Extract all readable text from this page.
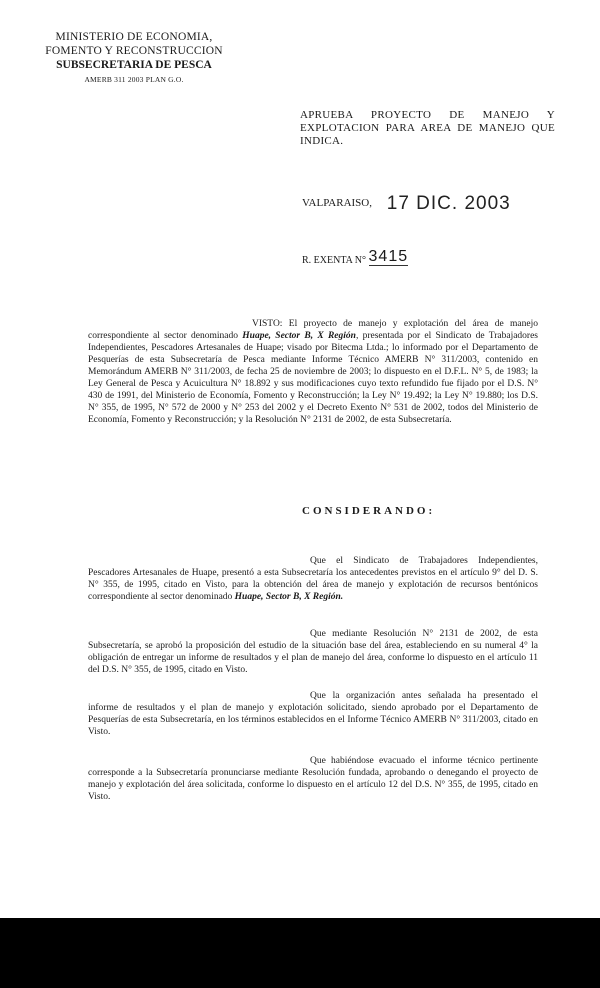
MINISTERIO DE ECONOMIA,
FOMENTO Y RECONSTRUCCION
SUBSECRETARIA DE PESCA
AMERB 311 2003 PLAN G.O.
APRUEBA PROYECTO DE MANEJO Y EXPLOTACION PARA AREA DE MANEJO QUE INDICA.
VALPARAISO, 17 DIC. 2003
R. EXENTA N° 3415
VISTO: El proyecto de manejo y explotación del área de manejo correspondiente al sector denominado Huape, Sector B, X Región, presentada por el Sindicato de Trabajadores Independientes, Pescadores Artesanales de Huape; visado por Bitecma Ltda.; lo informado por el Departamento de Pesquerías de esta Subsecretaría de Pesca mediante Informe Técnico AMERB N° 311/2003, contenido en Memorándum AMERB N° 311/2003, de fecha 25 de noviembre de 2003; lo dispuesto en el D.F.L. N° 5, de 1983; la Ley General de Pesca y Acuicultura N° 18.892 y sus modificaciones cuyo texto refundido fue fijado por el D.S. N° 430 de 1991, del Ministerio de Economía, Fomento y Reconstrucción; la Ley N° 19.492; la Ley N° 19.880; los D.S. N° 355, de 1995, N° 572 de 2000 y N° 253 del 2002 y el Decreto Exento N° 531 de 2002, todos del Ministerio de Economía, Fomento y Reconstrucción; y la Resolución N° 2131 de 2002, de esta Subsecretaría.
CONSIDERANDO:
Que el Sindicato de Trabajadores Independientes, Pescadores Artesanales de Huape, presentó a esta Subsecretaría los antecedentes previstos en el artículo 9° del D. S. N° 355, de 1995, citado en Visto, para la obtención del área de manejo y explotación de recursos bentónicos correspondiente al sector denominado Huape, Sector B, X Región.
Que mediante Resolución N° 2131 de 2002, de esta Subsecretaría, se aprobó la proposición del estudio de la situación base del área, estableciendo en su numeral 4° la obligación de entregar un informe de resultados y el plan de manejo del área, conforme lo dispuesto en el artículo 11 del D.S. N° 355, de 1995, citado en Visto.
Que la organización antes señalada ha presentado el informe de resultados y el plan de manejo y explotación solicitado, siendo aprobado por el Departamento de Pesquerías de esta Subsecretaría, en los términos establecidos en el Informe Técnico AMERB N° 311/2003, citado en Visto.
Que habiéndose evacuado el informe técnico pertinente corresponde a la Subsecretaría pronunciarse mediante Resolución fundada, aprobando o denegando el proyecto de manejo y explotación del área solicitada, conforme lo dispuesto en el artículo 12 del D.S. N° 355, de 1995, citado en Visto.
